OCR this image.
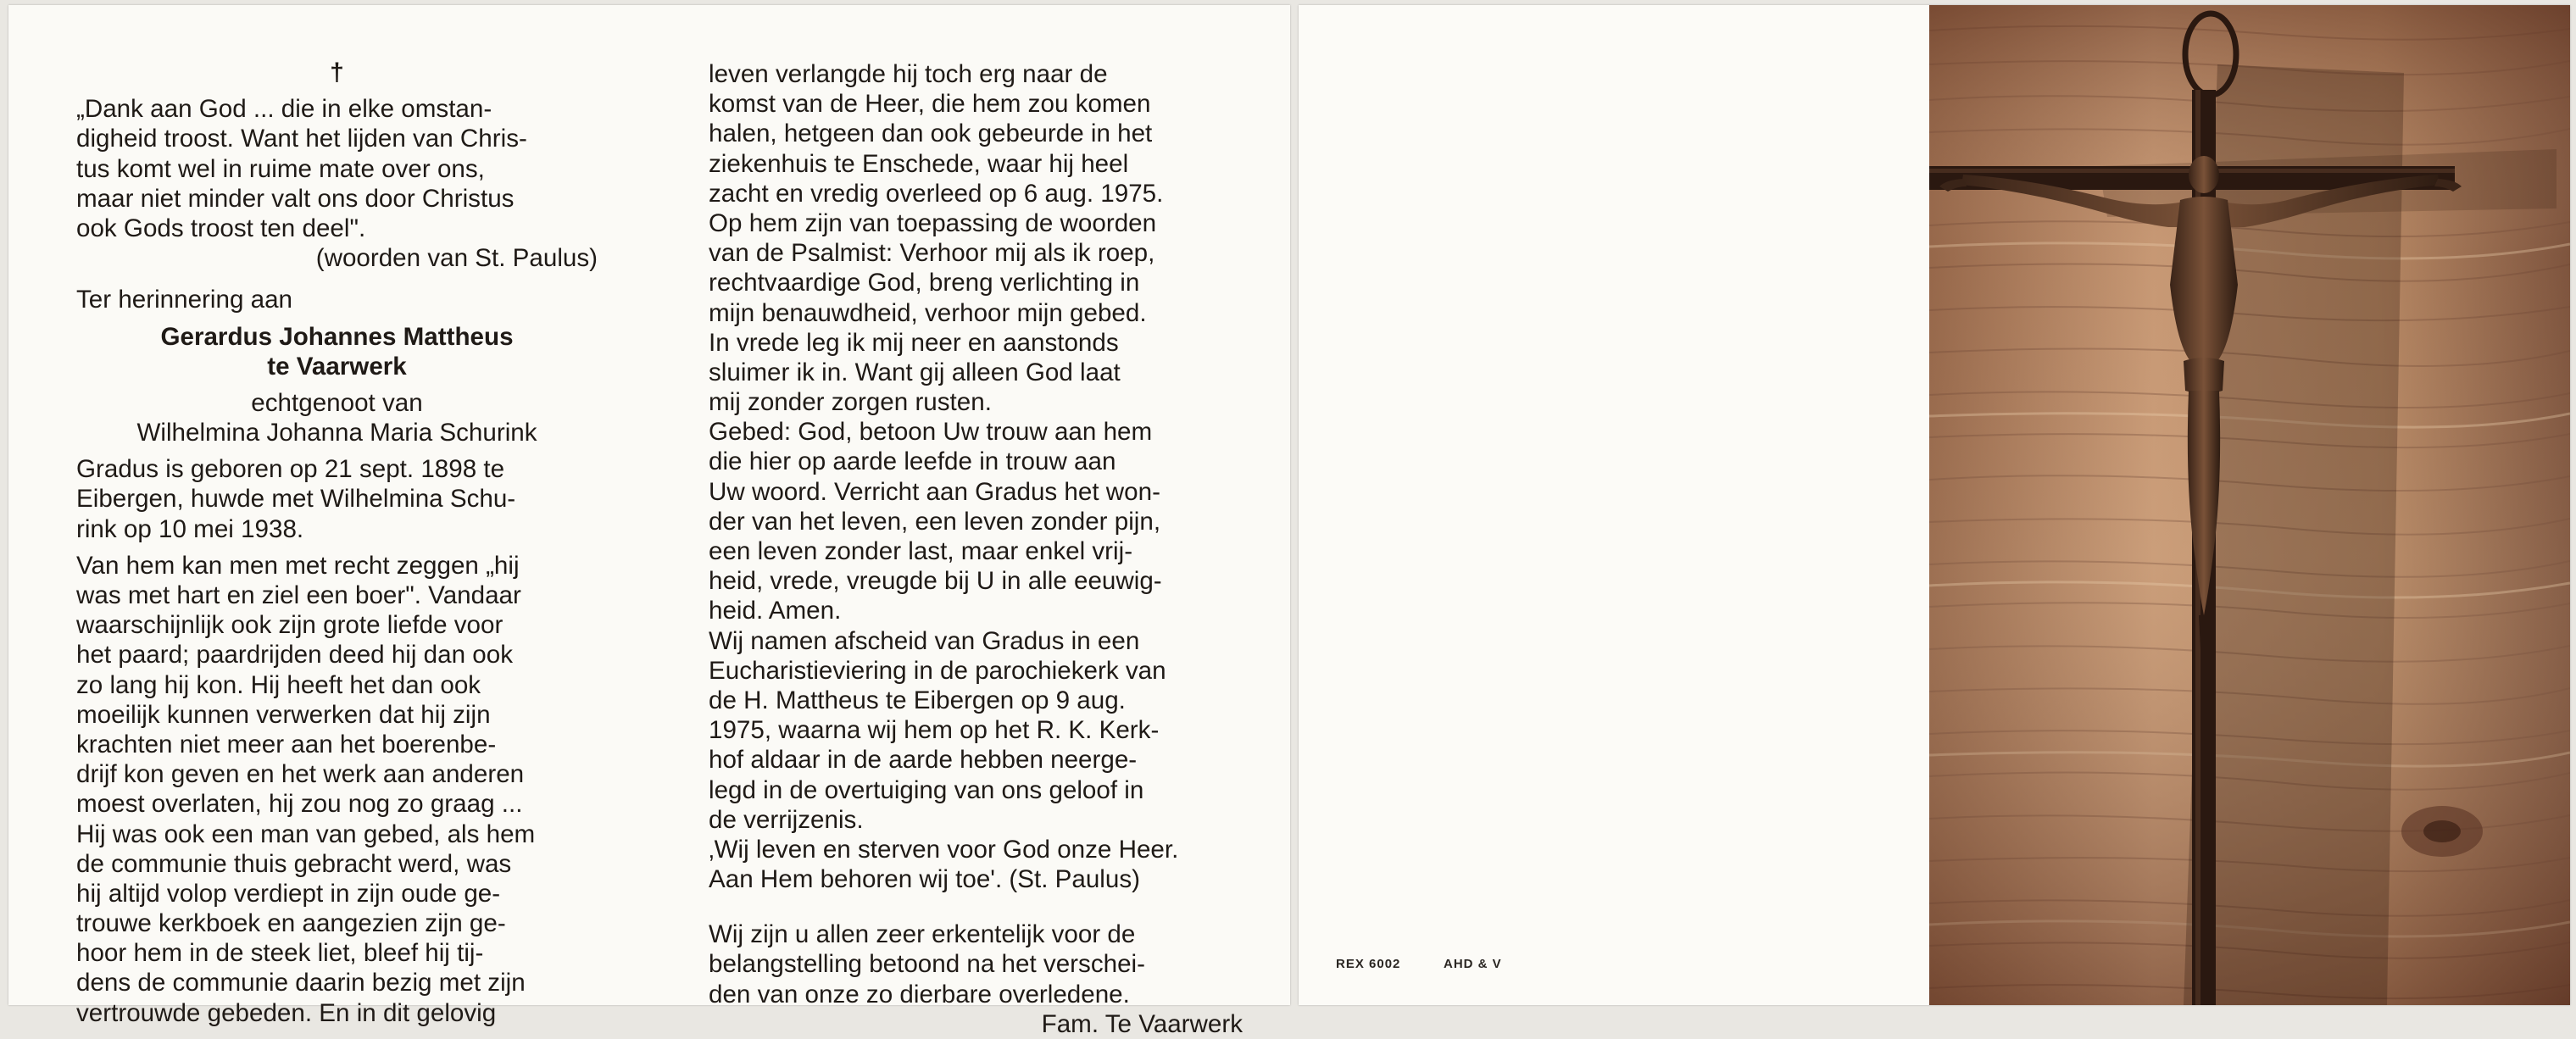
†
„Dank aan God ... die in elke omstan-
digheid troost. Want het lijden van Chris-
tus komt wel in ruime mate over ons,
maar niet minder valt ons door Christus
ook Gods troost ten deel".
(woorden van St. Paulus)
Ter herinnering aan
Gerardus Johannes Mattheus
te Vaarwerk
echtgenoot van
Wilhelmina Johanna Maria Schurink
Gradus is geboren op 21 sept. 1898 te
Eibergen, huwde met Wilhelmina Schu-
rink op 10 mei 1938.
Van hem kan men met recht zeggen „hij
was met hart en ziel een boer". Vandaar
waarschijnlijk ook zijn grote liefde voor
het paard; paardrijden deed hij dan ook
zo lang hij kon. Hij heeft het dan ook
moeilijk kunnen verwerken dat hij zijn
krachten niet meer aan het boerenbe-
drijf kon geven en het werk aan anderen
moest overlaten, hij zou nog zo graag ...
Hij was ook een man van gebed, als hem
de communie thuis gebracht werd, was
hij altijd volop verdiept in zijn oude ge-
trouwe kerkboek en aangezien zijn ge-
hoor hem in de steek liet, bleef hij tij-
dens de communie daarin bezig met zijn
vertrouwde gebeden. En in dit gelovig
leven verlangde hij toch erg naar de
komst van de Heer, die hem zou komen
halen, hetgeen dan ook gebeurde in het
ziekenhuis te Enschede, waar hij heel
zacht en vredig overleed op 6 aug. 1975.
Op hem zijn van toepassing de woorden
van de Psalmist: Verhoor mij als ik roep,
rechtvaardige God, breng verlichting in
mijn benauwdheid, verhoor mijn gebed.
In vrede leg ik mij neer en aanstonds
sluimer ik in. Want gij alleen God laat
mij zonder zorgen rusten.
Gebed: God, betoon Uw trouw aan hem
die hier op aarde leefde in trouw aan
Uw woord. Verricht aan Gradus het won-
der van het leven, een leven zonder pijn,
een leven zonder last, maar enkel vrij-
heid, vrede, vreugde bij U in alle eeuwig-
heid. Amen.
Wij namen afscheid van Gradus in een
Eucharistieviering in de parochiekerk van
de H. Mattheus te Eibergen op 9 aug.
1975, waarna wij hem op het R. K. Kerk-
hof aldaar in de aarde hebben neerge-
legd in de overtuiging van ons geloof in
de verrijzenis.
‚Wij leven en sterven voor God onze Heer.
Aan Hem behoren wij toe'. (St. Paulus)
Wij zijn u allen zeer erkentelijk voor de
belangstelling betoond na het verschei-
den van onze zo dierbare overledene.
Fam. Te Vaarwerk
REX 6002	AHD & V
